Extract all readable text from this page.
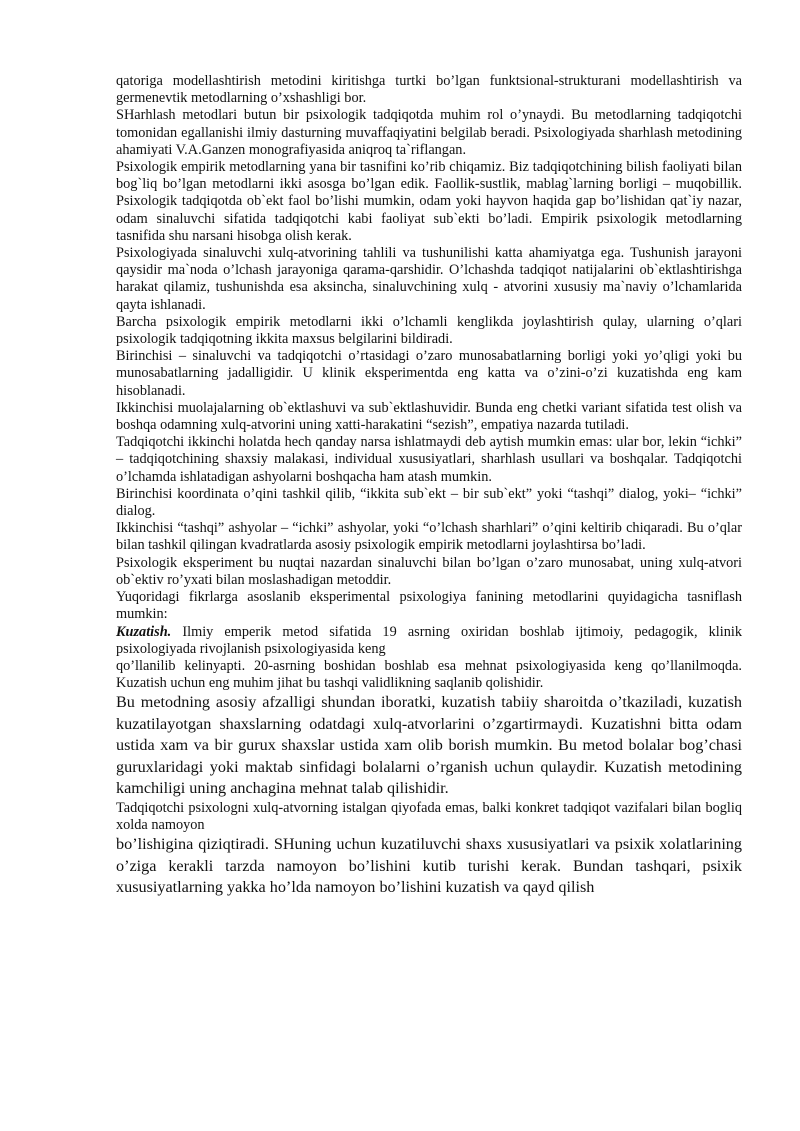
qatoriga modellashtirish metodini kiritishga turtki bo’lgan funktsional-strukturani modellashtirish va germenevtik metodlarning o’xshashligi bor.

SHarhlash metodlari butun bir psixologik tadqiqotda muhim rol o’ynaydi. Bu metodlarning tadqiqotchi tomonidan egallanishi ilmiy dasturning muvaffaqiyatini belgilab beradi. Psixologiyada sharhlash metodining ahamiyati V.A.Ganzen monografiyasida aniqroq ta`riflangan.

Psixologik empirik metodlarning yana bir tasnifini ko’rib chiqamiz. Biz tadqiqotchining bilish faoliyati bilan bog`liq bo’lgan metodlarni ikki asosga bo’lgan edik. Faollik-sustlik, mablag`larning borligi – muqobillik. Psixologik tadqiqotda ob`ekt faol bo’lishi mumkin, odam yoki hayvon haqida gap bo’lishidan qat`iy nazar, odam sinaluvchi sifatida tadqiqotchi kabi faoliyat sub`ekti bo’ladi. Empirik psixologik metodlarning tasnifida shu narsani hisobga olish kerak.

Psixologiyada sinaluvchi xulq-atvorining tahlili va tushunilishi katta ahamiyatga ega. Tushunish jarayoni qaysidir ma`noda o’lchash jarayoniga qarama-qarshidir. O’lchashda tadqiqot natijalarini ob`ektlashtirishga harakat qilamiz, tushunishda esa aksincha, sinaluvchining xulq - atvorini xususiy ma`naviy o’lchamlarida qayta ishlanadi.

Barcha psixologik empirik metodlarni ikki o’lchamli kenglikda joylashtirish qulay, ularning o’qlari psixologik tadqiqotning ikkita maxsus belgilarini bildiradi.

Birinchisi – sinaluvchi va tadqiqotchi o’rtasidagi o’zaro munosabatlarning borligi yoki yo’qligi yoki bu munosabatlarning jadalligidir. U klinik eksperimentda eng katta va o’zini-o’zi kuzatishda eng kam hisoblanadi.

Ikkinchisi muolajalarning ob`ektlashuvi va sub`ektlashuvidir. Bunda eng chetki variant sifatida test olish va boshqa odamning xulq-atvorini uning xatti-harakatini “sezish”, empatiya nazarda tutiladi.

Tadqiqotchi ikkinchi holatda hech qanday narsa ishlatmaydi deb aytish mumkin emas: ular bor, lekin “ichki” – tadqiqotchining shaxsiy malakasi, individual xususiyatlari, sharhlash usullari va boshqalar. Tadqiqotchi o’lchamda ishlatadigan ashyolarni boshqacha ham atash mumkin.

Birinchisi koordinata o’qini tashkil qilib, “ikkita sub`ekt – bir sub`ekt” yoki “tashqi” dialog, yoki– “ichki” dialog.

Ikkinchisi “tashqi” ashyolar – “ichki” ashyolar, yoki “o’lchash sharhlari” o’qini keltirib chiqaradi. Bu o’qlar bilan tashkil qilingan kvadratlarda asosiy psixologik empirik metodlarni joylashtirsa bo’ladi.

Psixologik eksperiment bu nuqtai nazardan sinaluvchi bilan bo’lgan o’zaro munosabat, uning xulq-atvori ob`ektiv ro’yxati bilan moslashadigan metoddir.

Yuqoridagi fikrlarga asoslanib eksperimental psixologiya fanining metodlarini quyidagicha tasniflash mumkin:

Kuzatish. Ilmiy emperik metod sifatida 19 asrning oxiridan boshlab ijtimoiy, pedagogik, klinik psixologiyada rivojlanish psixologiyasida keng

qo’llanilib kelinyapti. 20-asrning boshidan boshlab esa mehnat psixologiyasida keng qo’llanilmoqda. Kuzatish uchun eng muhim jihat bu tashqi validlikning saqlanib qolishidir.

Bu metodning asosiy afzalligi shundan iboratki, kuzatish tabiiy sharoitda o’tkaziladi, kuzatish kuzatilayotgan shaxslarning odatdagi xulq-atvorlarini o’zgartirmaydi. Kuzatishni bitta odam ustida xam va bir gurux shaxslar ustida xam olib borish mumkin. Bu metod bolalar bog’chasi guruxlaridagi yoki maktab sinfidagi bolalarni o’rganish uchun qulaydir. Kuzatish metodining kamchiligi uning anchagina mehnat talab qilishidir.

Tadqiqotchi psixologni xulq-atvorning istalgan qiyofada emas, balki konkret tadqiqot vazifalari bilan bogliq xolda namoyon

bo’lishigina qiziqtiradi. SHuning uchun kuzatiluvchi shaxs xususiyatlari va psixik xolatlarining o’ziga kerakli tarzda namoyon bo’lishini kutib turishi kerak. Bundan tashqari, psixik xususiyatlarning yakka ho’lda namoyon bo’lishini kuzatish va qayd qilish
